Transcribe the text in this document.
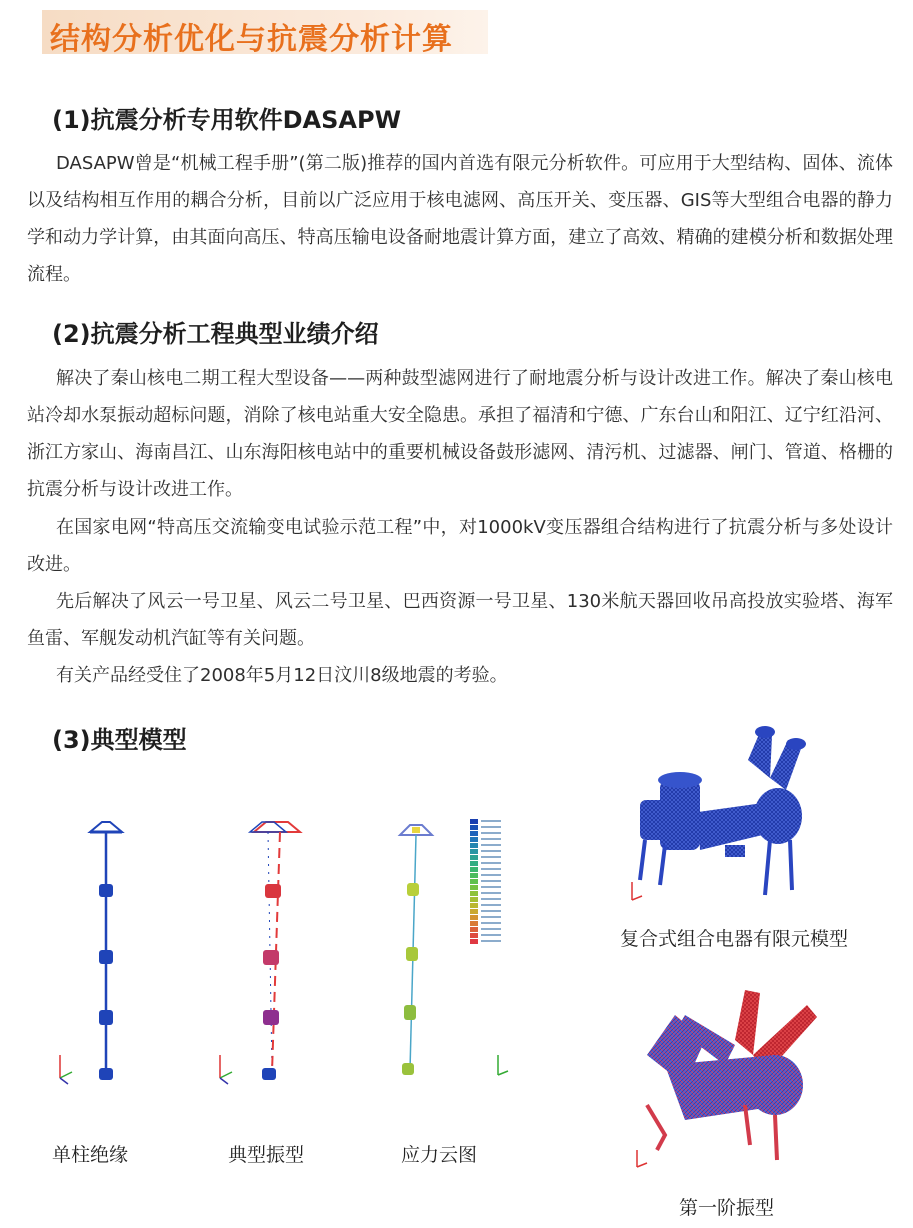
结构分析优化与抗震分析计算
(1)抗震分析专用软件DASAPW

DASAPW曾是“机械工程手册”(第二版)推荐的国内首选有限元分析软件。可应用于大型结构、固体、流体以及结构相互作用的耦合分析，目前以广泛应用于核电滤网、高压开关、变压器、GIS等大型组合电器的静力学和动力学计算，由其面向高压、特高压输电设备耐地震计算方面，建立了高效、精确的建模分析和数据处理流程。

(2)抗震分析工程典型业绩介绍

解决了秦山核电二期工程大型设备——两种鼓型滤网进行了耐地震分析与设计改进工作。解决了秦山核电站冷却水泵振动超标问题，消除了核电站重大安全隐患。承担了福清和宁德、广东台山和阳江、辽宁红沿河、浙江方家山、海南昌江、山东海阳核电站中的重要机械设备鼓形滤网、清污机、过滤器、闸门、管道、格栅的抗震分析与设计改进工作。

在国家电网“特高压交流输变电试验示范工程”中，对1000kV变压器组合结构进行了抗震分析与多处设计改进。

先后解决了风云一号卫星、风云二号卫星、巴西资源一号卫星、130米航天器回收吊高投放实验塔、海军鱼雷、军舰发动机汽缸等有关问题。

有关产品经受住了2008年5月12日汶川8级地震的考验。

(3)典型模型

单柱绝缘	典型振型	应力云图

复合式组合电器有限元模型

第一阶振型
